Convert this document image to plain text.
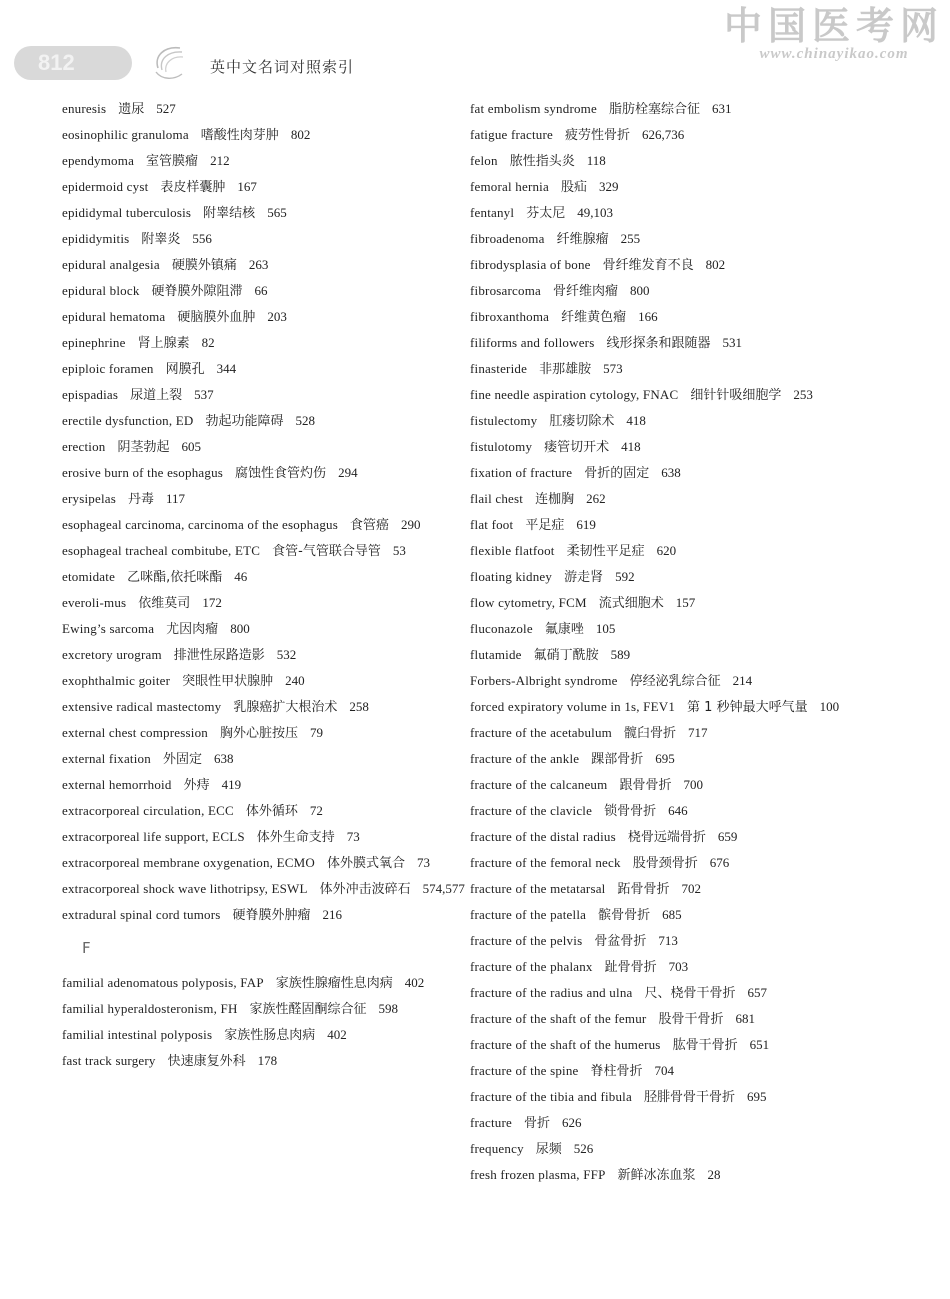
812	英中文名词对照索引
中国医考网
www.chinayikao.com
enuresis 遗尿 527
eosinophilic granuloma 嗜酸性肉芽肿 802
ependymoma 室管膜瘤 212
epidermoid cyst 表皮样囊肿 167
epididymal tuberculosis 附睾结核 565
epididymitis 附睾炎 556
epidural analgesia 硬膜外镇痛 263
epidural block 硬脊膜外隙阻滞 66
epidural hematoma 硬脑膜外血肿 203
epinephrine 肾上腺素 82
epiploic foramen 网膜孔 344
epispadias 尿道上裂 537
erectile dysfunction, ED 勃起功能障碍 528
erection 阴茎勃起 605
erosive burn of the esophagus 腐蚀性食管灼伤 294
erysipelas 丹毒 117
esophageal carcinoma, carcinoma of the esophagus 食管癌 290
esophageal tracheal combitube, ETC 食管-气管联合导管 53
etomidate 乙咪酯,依托咪酯 46
everoli-mus 依维莫司 172
Ewing’s sarcoma 尤因肉瘤 800
excretory urogram 排泄性尿路造影 532
exophthalmic goiter 突眼性甲状腺肿 240
extensive radical mastectomy 乳腺癌扩大根治术 258
external chest compression 胸外心脏按压 79
external fixation 外固定 638
external hemorrhoid 外痔 419
extracorporeal circulation, ECC 体外循环 72
extracorporeal life support, ECLS 体外生命支持 73
extracorporeal membrane oxygenation, ECMO 体外膜式氧合 73
extracorporeal shock wave lithotripsy, ESWL 体外冲击波碎石 574,577
extradural spinal cord tumors 硬脊膜外肿瘤 216
F
familial adenomatous polyposis, FAP 家族性腺瘤性息肉病 402
familial hyperaldosteronism, FH 家族性醛固酮综合征 598
familial intestinal polyposis 家族性肠息肉病 402
fast track surgery 快速康复外科 178
fat embolism syndrome 脂肪栓塞综合征 631
fatigue fracture 疲劳性骨折 626,736
felon 脓性指头炎 118
femoral hernia 股疝 329
fentanyl 芬太尼 49,103
fibroadenoma 纤维腺瘤 255
fibrodysplasia of bone 骨纤维发育不良 802
fibrosarcoma 骨纤维肉瘤 800
fibroxanthoma 纤维黄色瘤 166
filiforms and followers 线形探条和跟随器 531
finasteride 非那雄胺 573
fine needle aspiration cytology, FNAC 细针针吸细胞学 253
fistulectomy 肛瘘切除术 418
fistulotomy 瘘管切开术 418
fixation of fracture 骨折的固定 638
flail chest 连枷胸 262
flat foot 平足症 619
flexible flatfoot 柔韧性平足症 620
floating kidney 游走肾 592
flow cytometry, FCM 流式细胞术 157
fluconazole 氟康唑 105
flutamide 氟硝丁酰胺 589
Forbers-Albright syndrome 停经泌乳综合征 214
forced expiratory volume in 1s, FEV1 第 1 秒钟最大呼气量 100
fracture of the acetabulum 髋臼骨折 717
fracture of the ankle 踝部骨折 695
fracture of the calcaneum 跟骨骨折 700
fracture of the clavicle 锁骨骨折 646
fracture of the distal radius 桡骨远端骨折 659
fracture of the femoral neck 股骨颈骨折 676
fracture of the metatarsal 跖骨骨折 702
fracture of the patella 髌骨骨折 685
fracture of the pelvis 骨盆骨折 713
fracture of the phalanx 趾骨骨折 703
fracture of the radius and ulna 尺、桡骨干骨折 657
fracture of the shaft of the femur 股骨干骨折 681
fracture of the shaft of the humerus 肱骨干骨折 651
fracture of the spine 脊柱骨折 704
fracture of the tibia and fibula 胫腓骨骨干骨折 695
fracture 骨折 626
frequency 尿频 526
fresh frozen plasma, FFP 新鲜冰冻血浆 28
